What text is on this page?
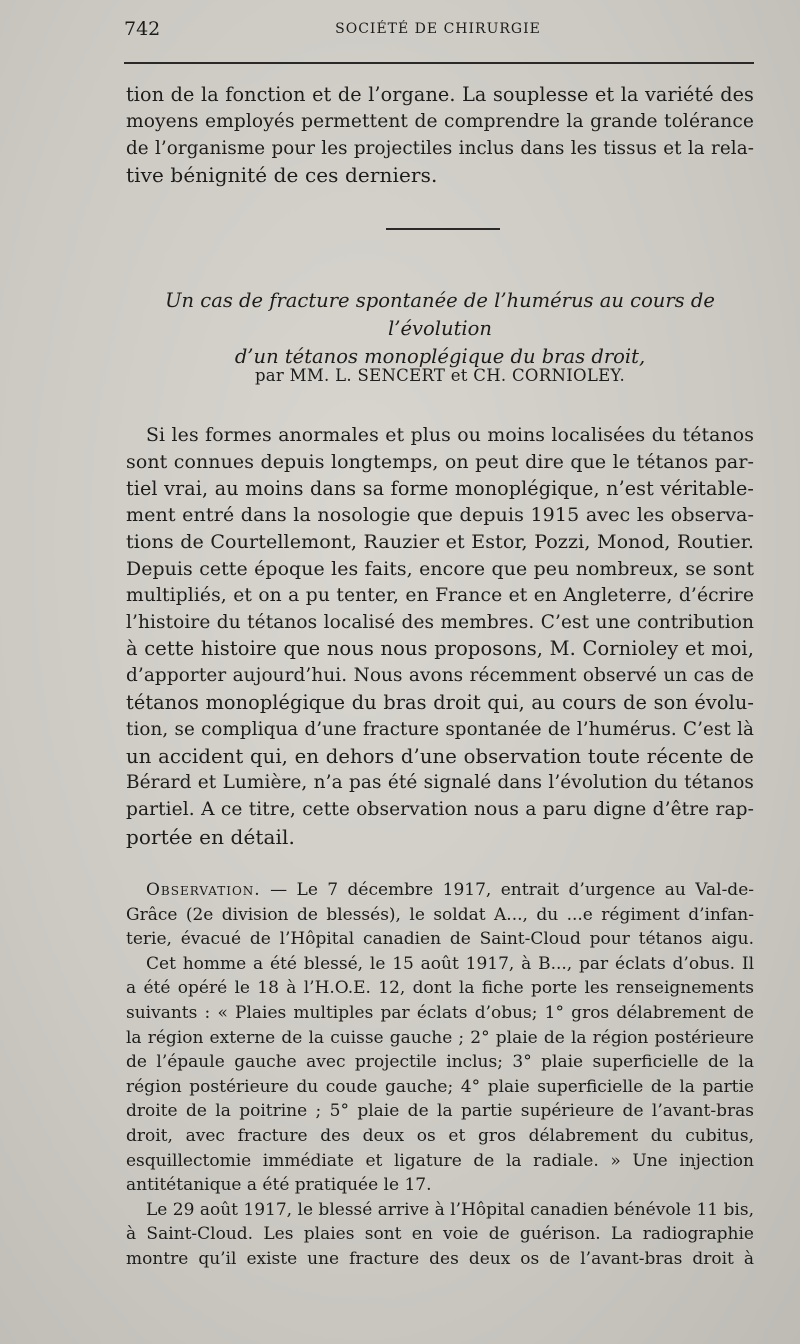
742	SOCIÉTÉ DE CHIRURGIE
tion de la fonction et de l’organe. La souplesse et la variété des
moyens employés permettent de comprendre la grande tolérance
de l’organisme pour les projectiles inclus dans les tissus et la rela-
tive bénignité de ces derniers.
Un cas de fracture spontanée de l’humérus au cours de l’évolution
d’un tétanos monoplégique du bras droit,
par MM. L. SENCERT et CH. CORNIOLEY.
Si les formes anormales et plus ou moins localisées du tétanos
sont connues depuis longtemps, on peut dire que le tétanos par-
tiel vrai, au moins dans sa forme monoplégique, n’est véritable-
ment entré dans la nosologie que depuis 1915 avec les observa-
tions de Courtellemont, Rauzier et Estor, Pozzi, Monod, Routier.
Depuis cette époque les faits, encore que peu nombreux, se sont
multipliés, et on a pu tenter, en France et en Angleterre, d’écrire
l’histoire du tétanos localisé des membres. C’est une contribution
à cette histoire que nous nous proposons, M. Cornioley et moi,
d’apporter aujourd’hui. Nous avons récemment observé un cas de
tétanos monoplégique du bras droit qui, au cours de son évolu-
tion, se compliqua d’une fracture spontanée de l’humérus. C’est là
un accident qui, en dehors d’une observation toute récente de
Bérard et Lumière, n’a pas été signalé dans l’évolution du tétanos
partiel. A ce titre, cette observation nous a paru digne d’être rap-
portée en détail.
Observation. — Le 7 décembre 1917, entrait d’urgence au Val-de-
Grâce (2e division de blessés), le soldat A..., du ...e régiment d’infan-
terie, évacué de l’Hôpital canadien de Saint-Cloud pour tétanos aigu.
Cet homme a été blessé, le 15 août 1917, à B..., par éclats d’obus. Il
a été opéré le 18 à l’H.O.E. 12, dont la fiche porte les renseignements
suivants : « Plaies multiples par éclats d’obus; 1° gros délabrement de
la région externe de la cuisse gauche ; 2° plaie de la région postérieure
de l’épaule gauche avec projectile inclus; 3° plaie superficielle de la
région postérieure du coude gauche; 4° plaie superficielle de la partie
droite de la poitrine ; 5° plaie de la partie supérieure de l’avant-bras
droit, avec fracture des deux os et gros délabrement du cubitus,
esquillectomie immédiate et ligature de la radiale. » Une injection
antitétanique a été pratiquée le 17.
Le 29 août 1917, le blessé arrive à l’Hôpital canadien bénévole 11 bis,
à Saint-Cloud. Les plaies sont en voie de guérison. La radiographie
montre qu’il existe une fracture des deux os de l’avant-bras droit à
